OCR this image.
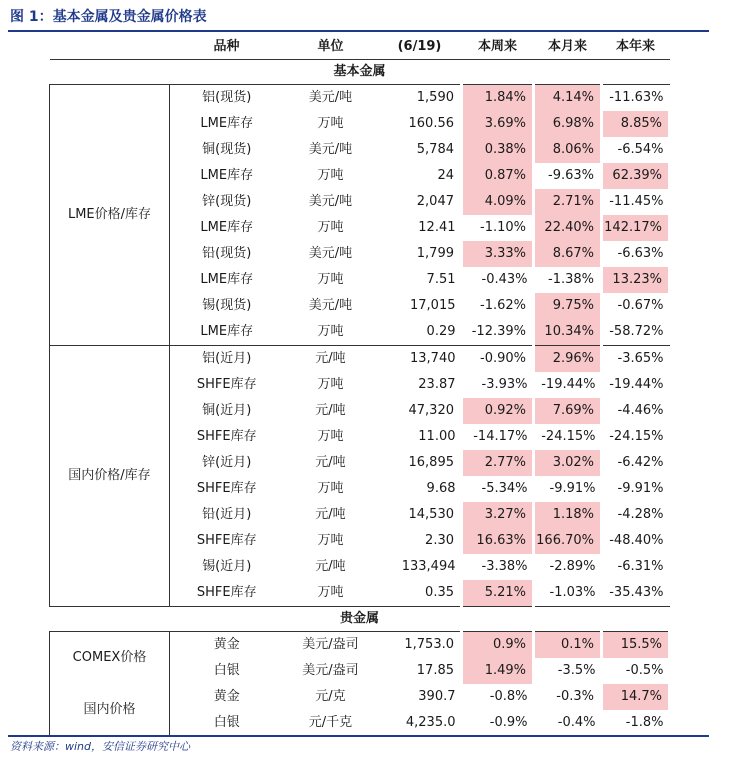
图 1：基本金属及贵金属价格表
	品种	单位	(6/19)	本周来	本月来	本年来
基本金属						
LME价格/库存	铝(现货)	美元/吨	1,590	1.84%	4.14%	-11.63%
	LME库存	万吨	160.56	3.69%	6.98%	8.85%
	铜(现货)	美元/吨	5,784	0.38%	8.06%	-6.54%
	LME库存	万吨	24	0.87%	-9.63%	62.39%
	锌(现货)	美元/吨	2,047	4.09%	2.71%	-11.45%
	LME库存	万吨	12.41	-1.10%	22.40%	142.17%
	铅(现货)	美元/吨	1,799	3.33%	8.67%	-6.63%
	LME库存	万吨	7.51	-0.43%	-1.38%	13.23%
	锡(现货)	美元/吨	17,015	-1.62%	9.75%	-0.67%
	LME库存	万吨	0.29	-12.39%	10.34%	-58.72%
国内价格/库存	铝(近月)	元/吨	13,740	-0.90%	2.96%	-3.65%
	SHFE库存	万吨	23.87	-3.93%	-19.44%	-19.44%
	铜(近月)	元/吨	47,320	0.92%	7.69%	-4.46%
	SHFE库存	万吨	11.00	-14.17%	-24.15%	-24.15%
	锌(近月)	元/吨	16,895	2.77%	3.02%	-6.42%
	SHFE库存	万吨	9.68	-5.34%	-9.91%	-9.91%
	铅(近月)	元/吨	14,530	3.27%	1.18%	-4.28%
	SHFE库存	万吨	2.30	16.63%	166.70%	-48.40%
	锡(近月)	元/吨	133,494	-3.38%	-2.89%	-6.31%
	SHFE库存	万吨	0.35	5.21%	-1.03%	-35.43%
贵金属						
COMEX价格	黄金	美元/盎司	1,753.0	0.9%	0.1%	15.5%
	白银	美元/盎司	17.85	1.49%	-3.5%	-0.5%
国内价格	黄金	元/克	390.7	-0.8%	-0.3%	14.7%
	白银	元/千克	4,235.0	-0.9%	-0.4%	-1.8%
资料来源：wind，安信证券研究中心
